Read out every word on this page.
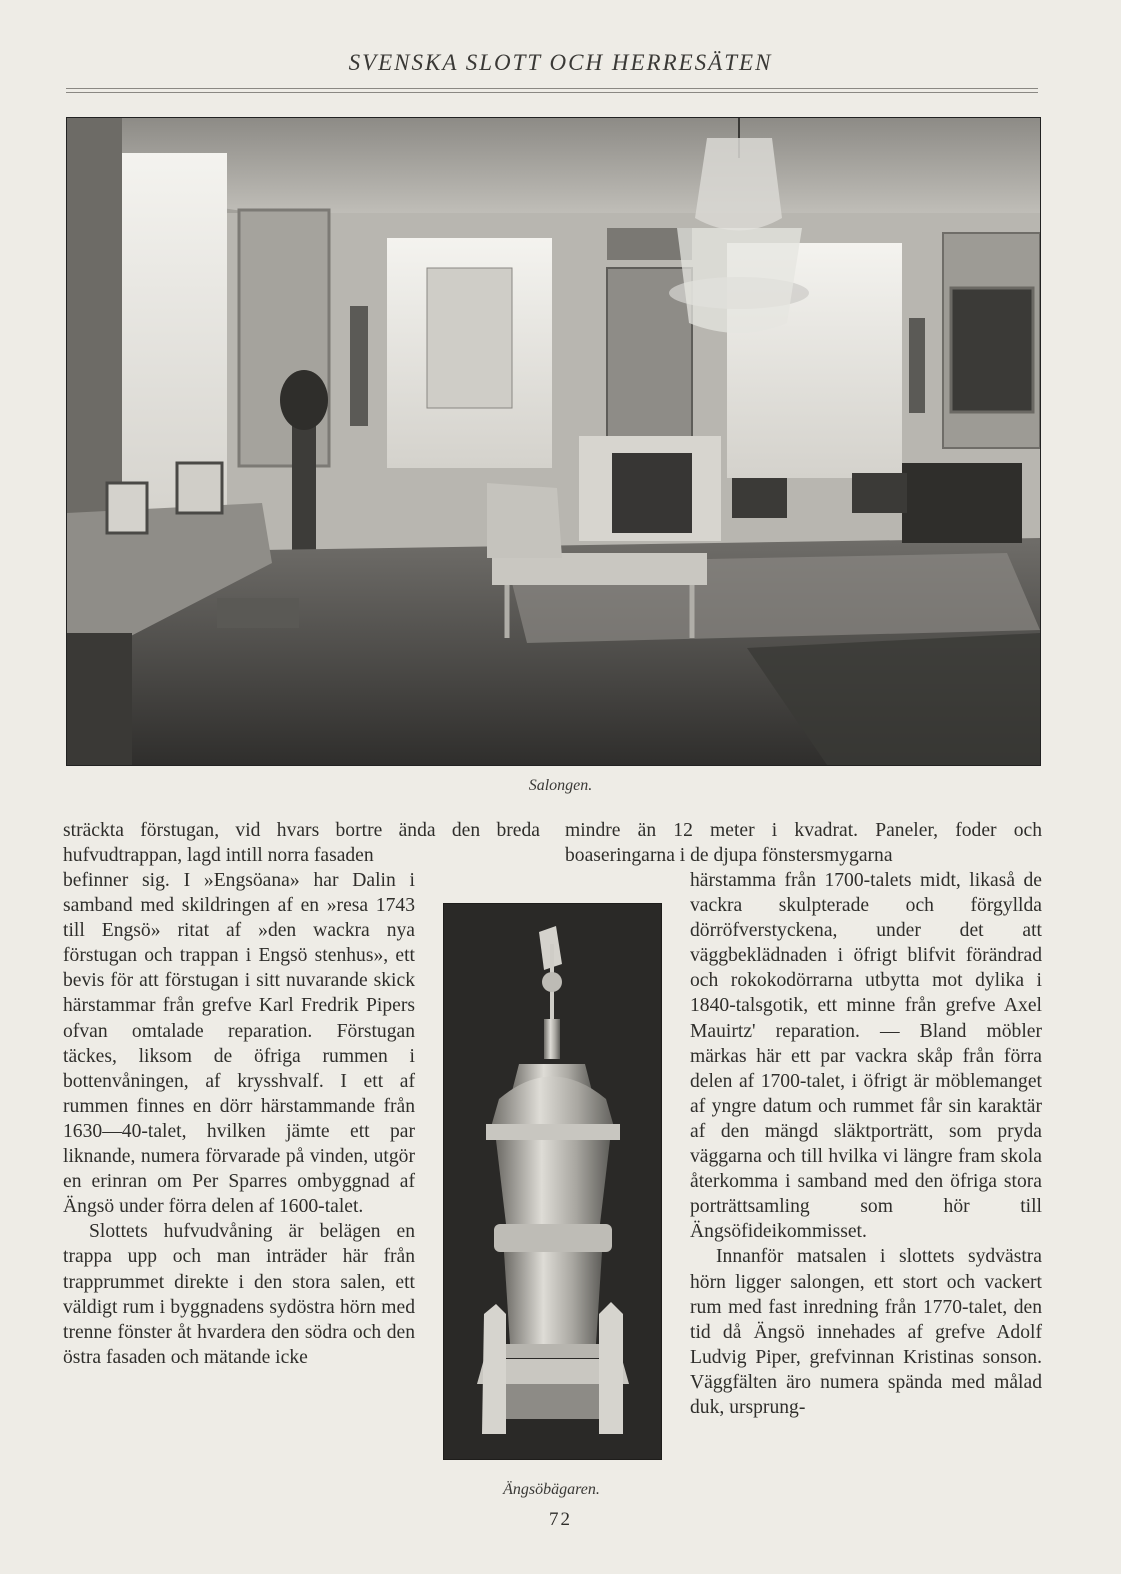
SVENSKA SLOTT OCH HERRESÄTEN
Salongen.

sträckta förstugan, vid hvars bortre ända den breda hufvudtrappan, lagd intill norra fasaden

befinner sig. I »Engsöana» har Dalin i samband med skildringen af en »resa 1743 till Engsö» ritat af »den wackra nya förstugan och trappan i Engsö stenhus», ett bevis för att förstugan i sitt nuvarande skick härstammar från grefve Karl Fredrik Pipers ofvan omtalade reparation. Förstugan täckes, liksom de öfriga rummen i bottenvåningen, af krysshvalf. I ett af rummen finnes en dörr härstammande från 1630—40-talet, hvilken jämte ett par liknande, numera förvarade på vinden, utgör en erinran om Per Sparres ombyggnad af Ängsö under förra delen af 1600-talet.

Slottets hufvudvåning är belägen en trappa upp och man inträder här från trapprummet direkte i den stora salen, ett väldigt rum i byggnadens sydöstra hörn med trenne fönster åt hvardera den södra och den östra fasaden och mätande icke

Ängsöbägaren.

mindre än 12 meter i kvadrat. Paneler, foder och boaseringarna i de djupa fönstersmygarna

härstamma från 1700-talets midt, likaså de vackra skulpterade och förgyllda dörröfverstyckena, under det att väggbeklädnaden i öfrigt blifvit förändrad och rokokodörrarna utbytta mot dylika i 1840-talsgotik, ett minne från grefve Axel Mauirtz' reparation. — Bland möbler märkas här ett par vackra skåp från förra delen af 1700-talet, i öfrigt är möblemanget af yngre datum och rummet får sin karaktär af den mängd släktporträtt, som pryda väggarna och till hvilka vi längre fram skola återkomma i samband med den öfriga stora porträttsamling som hör till Ängsöfideikommisset.

Innanför matsalen i slottets sydvästra hörn ligger salongen, ett stort och vackert rum med fast inredning från 1770-talet, den tid då Ängsö innehades af grefve Adolf Ludvig Piper, grefvinnan Kristinas sonson. Väggfälten äro numera spända med målad duk, ursprung-

72
